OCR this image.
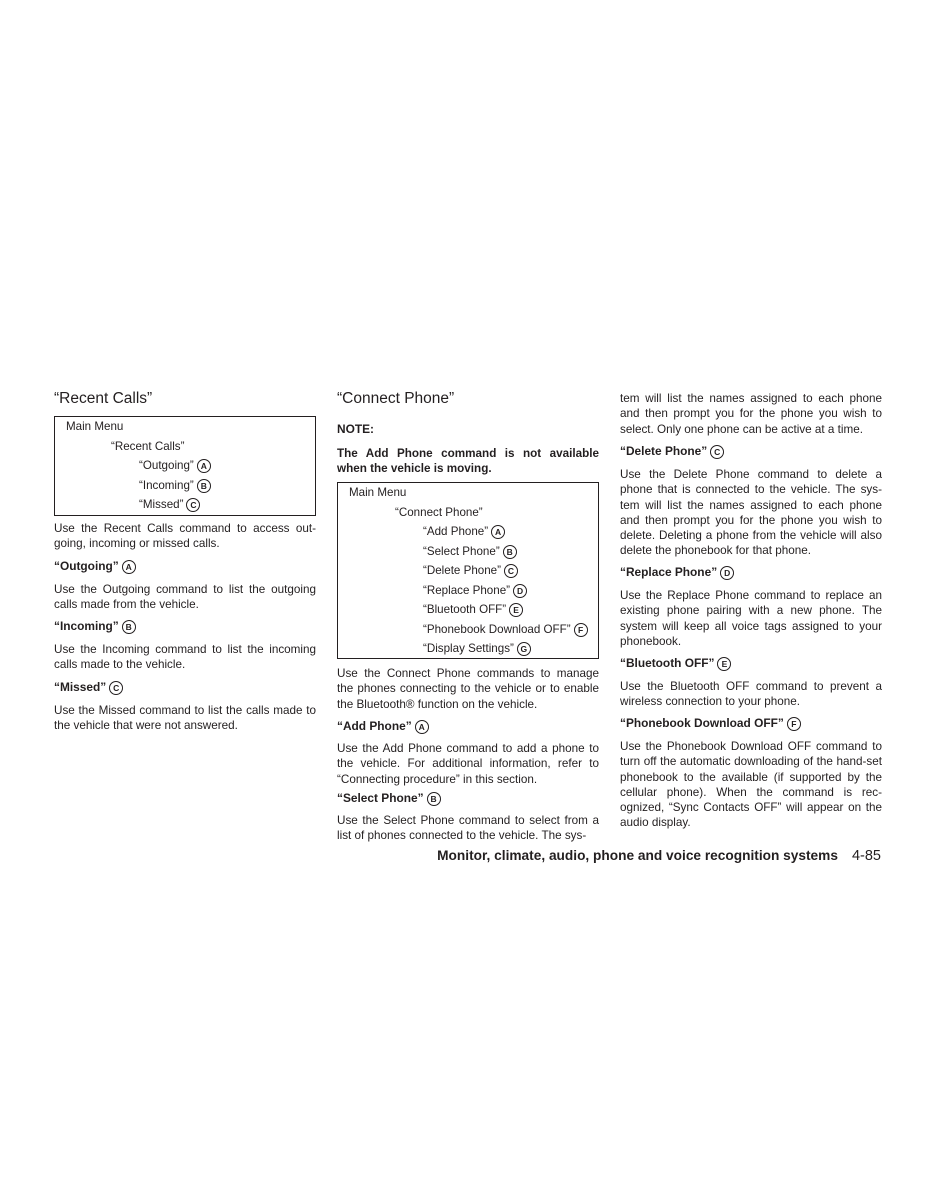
“Recent Calls”
Main Menu
“Recent Calls”
“Outgoing” A
“Incoming” B
“Missed” C

Use the Recent Calls command to access out-going, incoming or missed calls.

“Outgoing” A

Use the Outgoing command to list the outgoing calls made from the vehicle.

“Incoming” B

Use the Incoming command to list the incoming calls made to the vehicle.

“Missed” C

Use the Missed command to list the calls made to the vehicle that were not answered.

“Connect Phone”
NOTE:

The Add Phone command is not available when the vehicle is moving.

Main Menu
“Connect Phone”
“Add Phone” A
“Select Phone” B
“Delete Phone” C
“Replace Phone” D
“Bluetooth OFF” E
“Phonebook Download OFF” F
“Display Settings” G

Use the Connect Phone commands to manage the phones connecting to the vehicle or to enable the Bluetooth® function on the vehicle.

“Add Phone” A

Use the Add Phone command to add a phone to the vehicle. For additional information, refer to “Connecting procedure” in this section.

“Select Phone” B

Use the Select Phone command to select from a list of phones connected to the vehicle. The sys-

tem will list the names assigned to each phone and then prompt you for the phone you wish to select. Only one phone can be active at a time.

“Delete Phone” C

Use the Delete Phone command to delete a phone that is connected to the vehicle. The sys-tem will list the names assigned to each phone and then prompt you for the phone you wish to delete. Deleting a phone from the vehicle will also delete the phonebook for that phone.

“Replace Phone” D

Use the Replace Phone command to replace an existing phone pairing with a new phone. The system will keep all voice tags assigned to your phonebook.

“Bluetooth OFF” E

Use the Bluetooth OFF command to prevent a wireless connection to your phone.

“Phonebook Download OFF” F

Use the Phonebook Download OFF command to turn off the automatic downloading of the hand-set phonebook to the available (if supported by the cellular phone). When the command is rec-ognized, “Sync Contacts OFF” will appear on the audio display.

Monitor, climate, audio, phone and voice recognition systems 4-85
